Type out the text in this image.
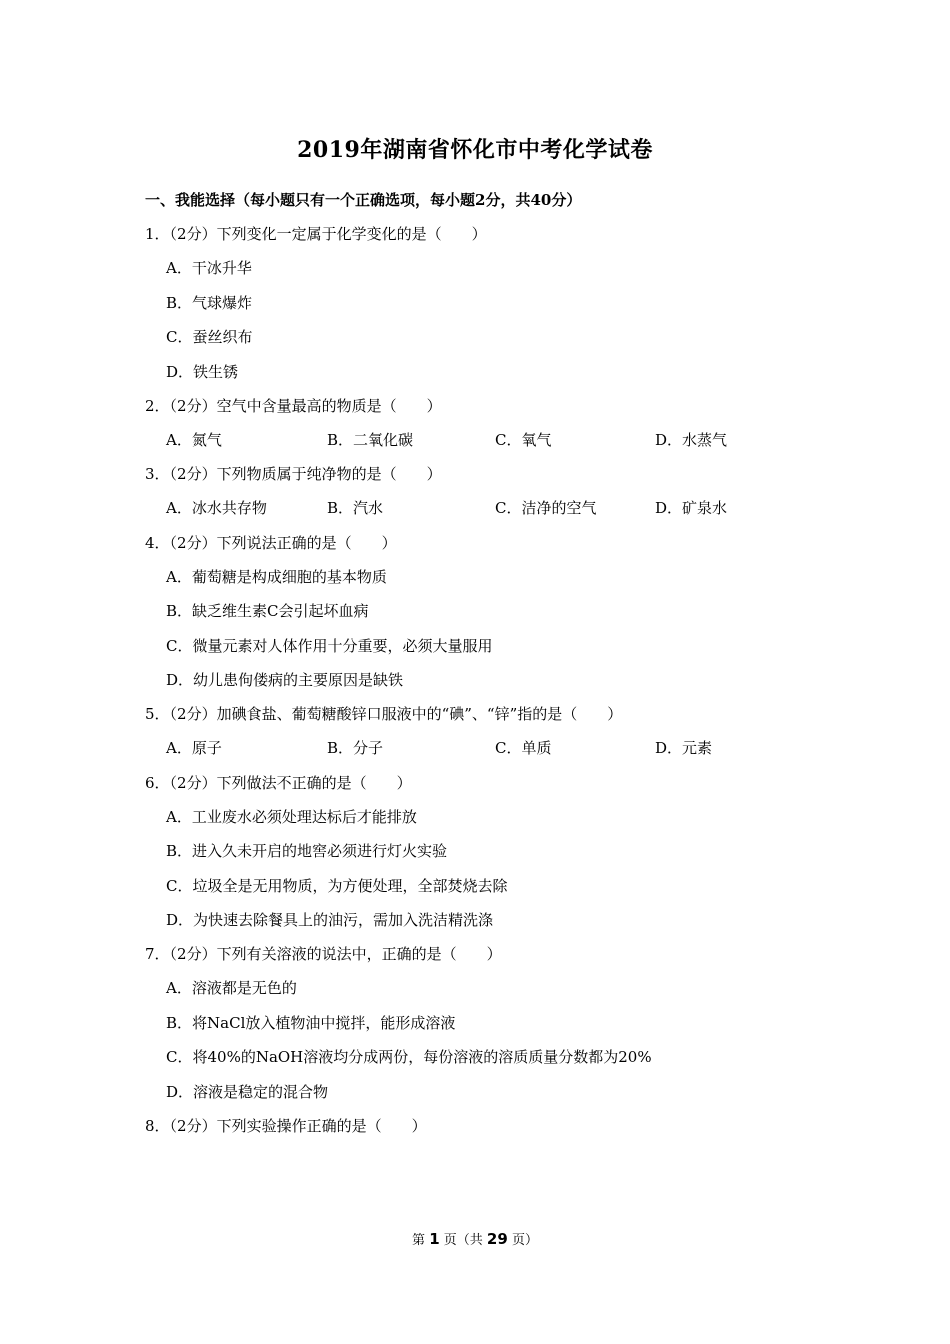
2019年湖南省怀化市中考化学试卷
一、我能选择（每小题只有一个正确选项，每小题2分，共40分）
1．（2分）下列变化一定属于化学变化的是（　　）
A．干冰升华
B．气球爆炸
C．蚕丝织布
D．铁生锈
2．（2分）空气中含量最高的物质是（　　）
A．氮气	B．二氧化碳	C．氧气	D．水蒸气
3．（2分）下列物质属于纯净物的是（　　）
A．冰水共存物	B．汽水	C．洁净的空气	D．矿泉水
4．（2分）下列说法正确的是（　　）
A．葡萄糖是构成细胞的基本物质
B．缺乏维生素C会引起坏血病
C．微量元素对人体作用十分重要，必须大量服用
D．幼儿患佝偻病的主要原因是缺铁
5．（2分）加碘食盐、葡萄糖酸锌口服液中的“碘”、“锌”指的是（　　）
A．原子	B．分子	C．单质	D．元素
6．（2分）下列做法不正确的是（　　）
A．工业废水必须处理达标后才能排放
B．进入久未开启的地窖必须进行灯火实验
C．垃圾全是无用物质，为方便处理，全部焚烧去除
D．为快速去除餐具上的油污，需加入洗洁精洗涤
7．（2分）下列有关溶液的说法中，正确的是（　　）
A．溶液都是无色的
B．将NaCl放入植物油中搅拌，能形成溶液
C．将40%的NaOH溶液均分成两份，每份溶液的溶质质量分数都为20%
D．溶液是稳定的混合物
8．（2分）下列实验操作正确的是（　　）
第 1 页（共 29 页）
